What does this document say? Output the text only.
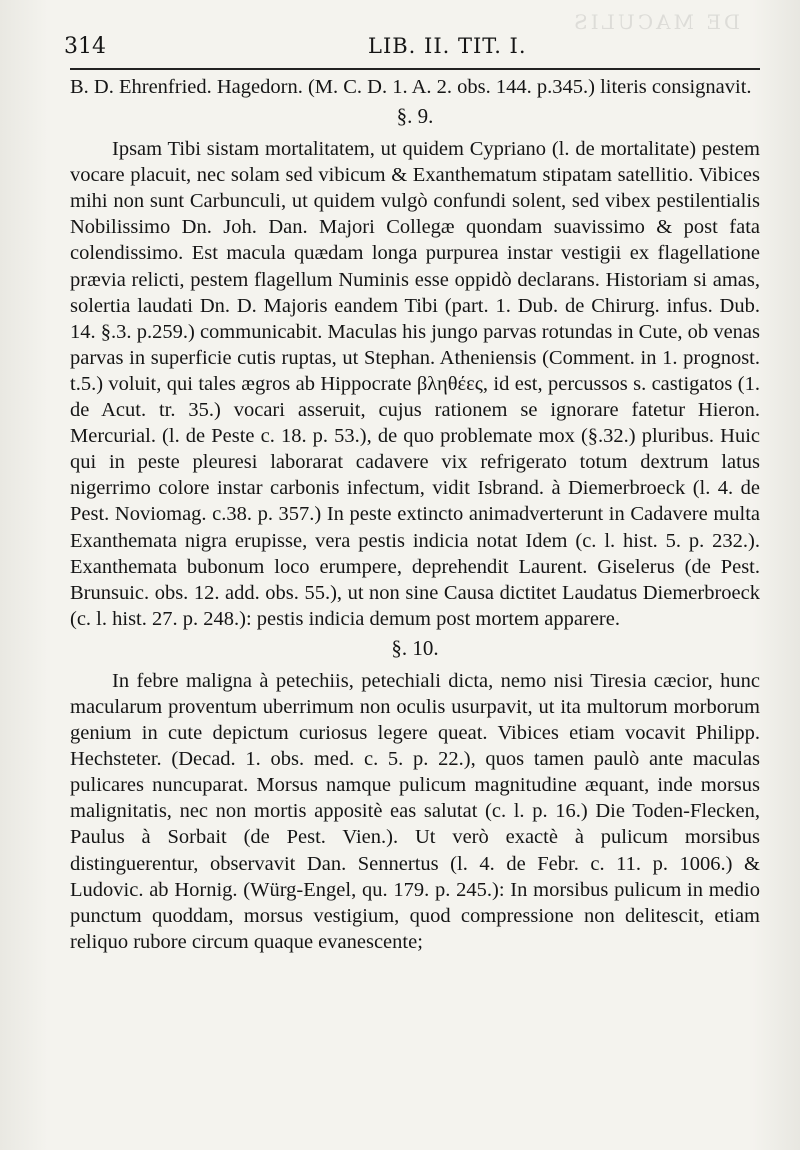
DE MACULIS
314	LIB. II. TIT. I.

B. D. Ehrenfried. Hagedorn. (M. C. D. 1. A. 2. obs. 144. p.345.) literis consignavit.

§. 9.

Ipsam Tibi sistam mortalitatem, ut quidem Cypriano (l. de mortalitate) pestem vocare placuit, nec solam sed vibicum & Exanthematum stipatam satellitio. Vibices mihi non sunt Carbunculi, ut quidem vulgò confundi solent, sed vibex pestilentialis Nobilissimo Dn. Joh. Dan. Majori Collegæ quondam suavissimo & post fata colendissimo. Est macula quædam longa purpurea instar vestigii ex flagellatione prævia relicti, pestem flagellum Numinis esse oppidò declarans. Historiam si amas, solertia laudati Dn. D. Majoris eandem Tibi (part. 1. Dub. de Chirurg. infus. Dub. 14. §.3. p.259.) communicabit. Maculas his jungo parvas rotundas in Cute, ob venas parvas in superficie cutis ruptas, ut Stephan. Atheniensis (Comment. in 1. prognost. t.5.) voluit, qui tales ægros ab Hippocrate βληθέες, id est, percussos s. castigatos (1. de Acut. tr. 35.) vocari asseruit, cujus rationem se ignorare fatetur Hieron. Mercurial. (l. de Peste c. 18. p. 53.), de quo problemate mox (§.32.) pluribus. Huic qui in peste pleuresi laborarat cadavere vix refrigerato totum dextrum latus nigerrimo colore instar carbonis infectum, vidit Isbrand. à Diemerbroeck (l. 4. de Pest. Noviomag. c.38. p. 357.) In peste extincto animadverterunt in Cadavere multa Exanthemata nigra erupisse, vera pestis indicia notat Idem (c. l. hist. 5. p. 232.). Exanthemata bubonum loco erumpere, deprehendit Laurent. Giselerus (de Pest. Brunsuic. obs. 12. add. obs. 55.), ut non sine Causa dictitet Laudatus Diemerbroeck (c. l. hist. 27. p. 248.): pestis indicia demum post mortem apparere.

§. 10.

In febre maligna à petechiis, petechiali dicta, nemo nisi Tiresia cæcior, hunc macularum proventum uberrimum non oculis usurpavit, ut ita multorum morborum genium in cute depictum curiosus legere queat. Vibices etiam vocavit Philipp. Hechsteter. (Decad. 1. obs. med. c. 5. p. 22.), quos tamen paulò ante maculas pulicares nuncuparat. Morsus namque pulicum magnitudine æquant, inde morsus malignitatis, nec non mortis appositè eas salutat (c. l. p. 16.) Die Toden-Flecken, Paulus à Sorbait (de Pest. Vien.). Ut verò exactè à pulicum morsibus distinguerentur, observavit Dan. Sennertus (l. 4. de Febr. c. 11. p. 1006.) & Ludovic. ab Hornig. (Würg-Engel, qu. 179. p. 245.): In morsibus pulicum in medio punctum quoddam, morsus vestigium, quod compressione non delitescit, etiam reliquo rubore circum quaque evanescente;
